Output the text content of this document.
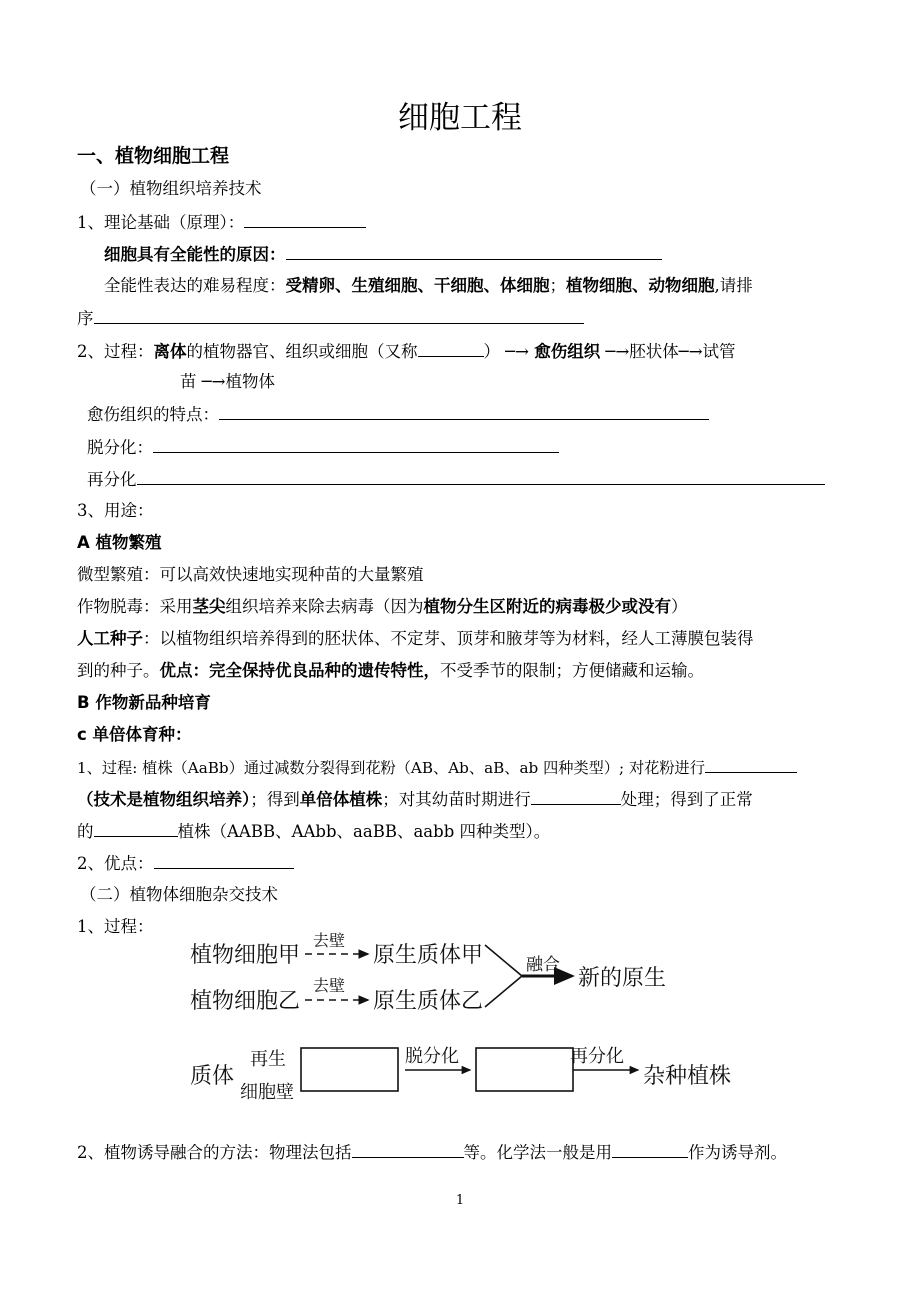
细胞工程
一、植物细胞工程
（一）植物组织培养技术
1、理论基础（原理）：
细胞具有全能性的原因：
全能性表达的难易程度：受精卵、生殖细胞、干细胞、体细胞；植物细胞、动物细胞,请排
序
2、过程：离体的植物器官、组织或细胞（又称	） ─→ 愈伤组织 ─→胚状体─→试管
苗 ─→植物体
愈伤组织的特点：
脱分化：
再分化
3、用途：
A 植物繁殖
微型繁殖：可以高效快速地实现种苗的大量繁殖
作物脱毒：采用茎尖组织培养来除去病毒（因为植物分生区附近的病毒极少或没有）
人工种子：以植物组织培养得到的胚状体、不定芽、顶芽和腋芽等为材料，经人工薄膜包装得
到的种子。优点：完全保持优良品种的遗传特性，不受季节的限制；方便储藏和运输。
B 作物新品种培育
c 单倍体育种：
1、过程: 植株（AaBb）通过减数分裂得到花粉（AB、Ab、aB、ab 四种类型）; 对花粉进行
（技术是植物组织培养）；得到单倍体植株；对其幼苗时期进行	处理；得到了正常
的	植株（AABB、AAbb、aaBB、aabb 四种类型）。
2、优点：
（二）植物体细胞杂交技术
1、过程：
植物细胞甲
去壁
原生质体甲
植物细胞乙
去壁
原生质体乙
融合
新的原生
质体
再生
细胞壁
脱分化	再分化
杂种植株
2、植物诱导融合的方法：物理法包括	等。化学法一般是用	作为诱导剂。
1
